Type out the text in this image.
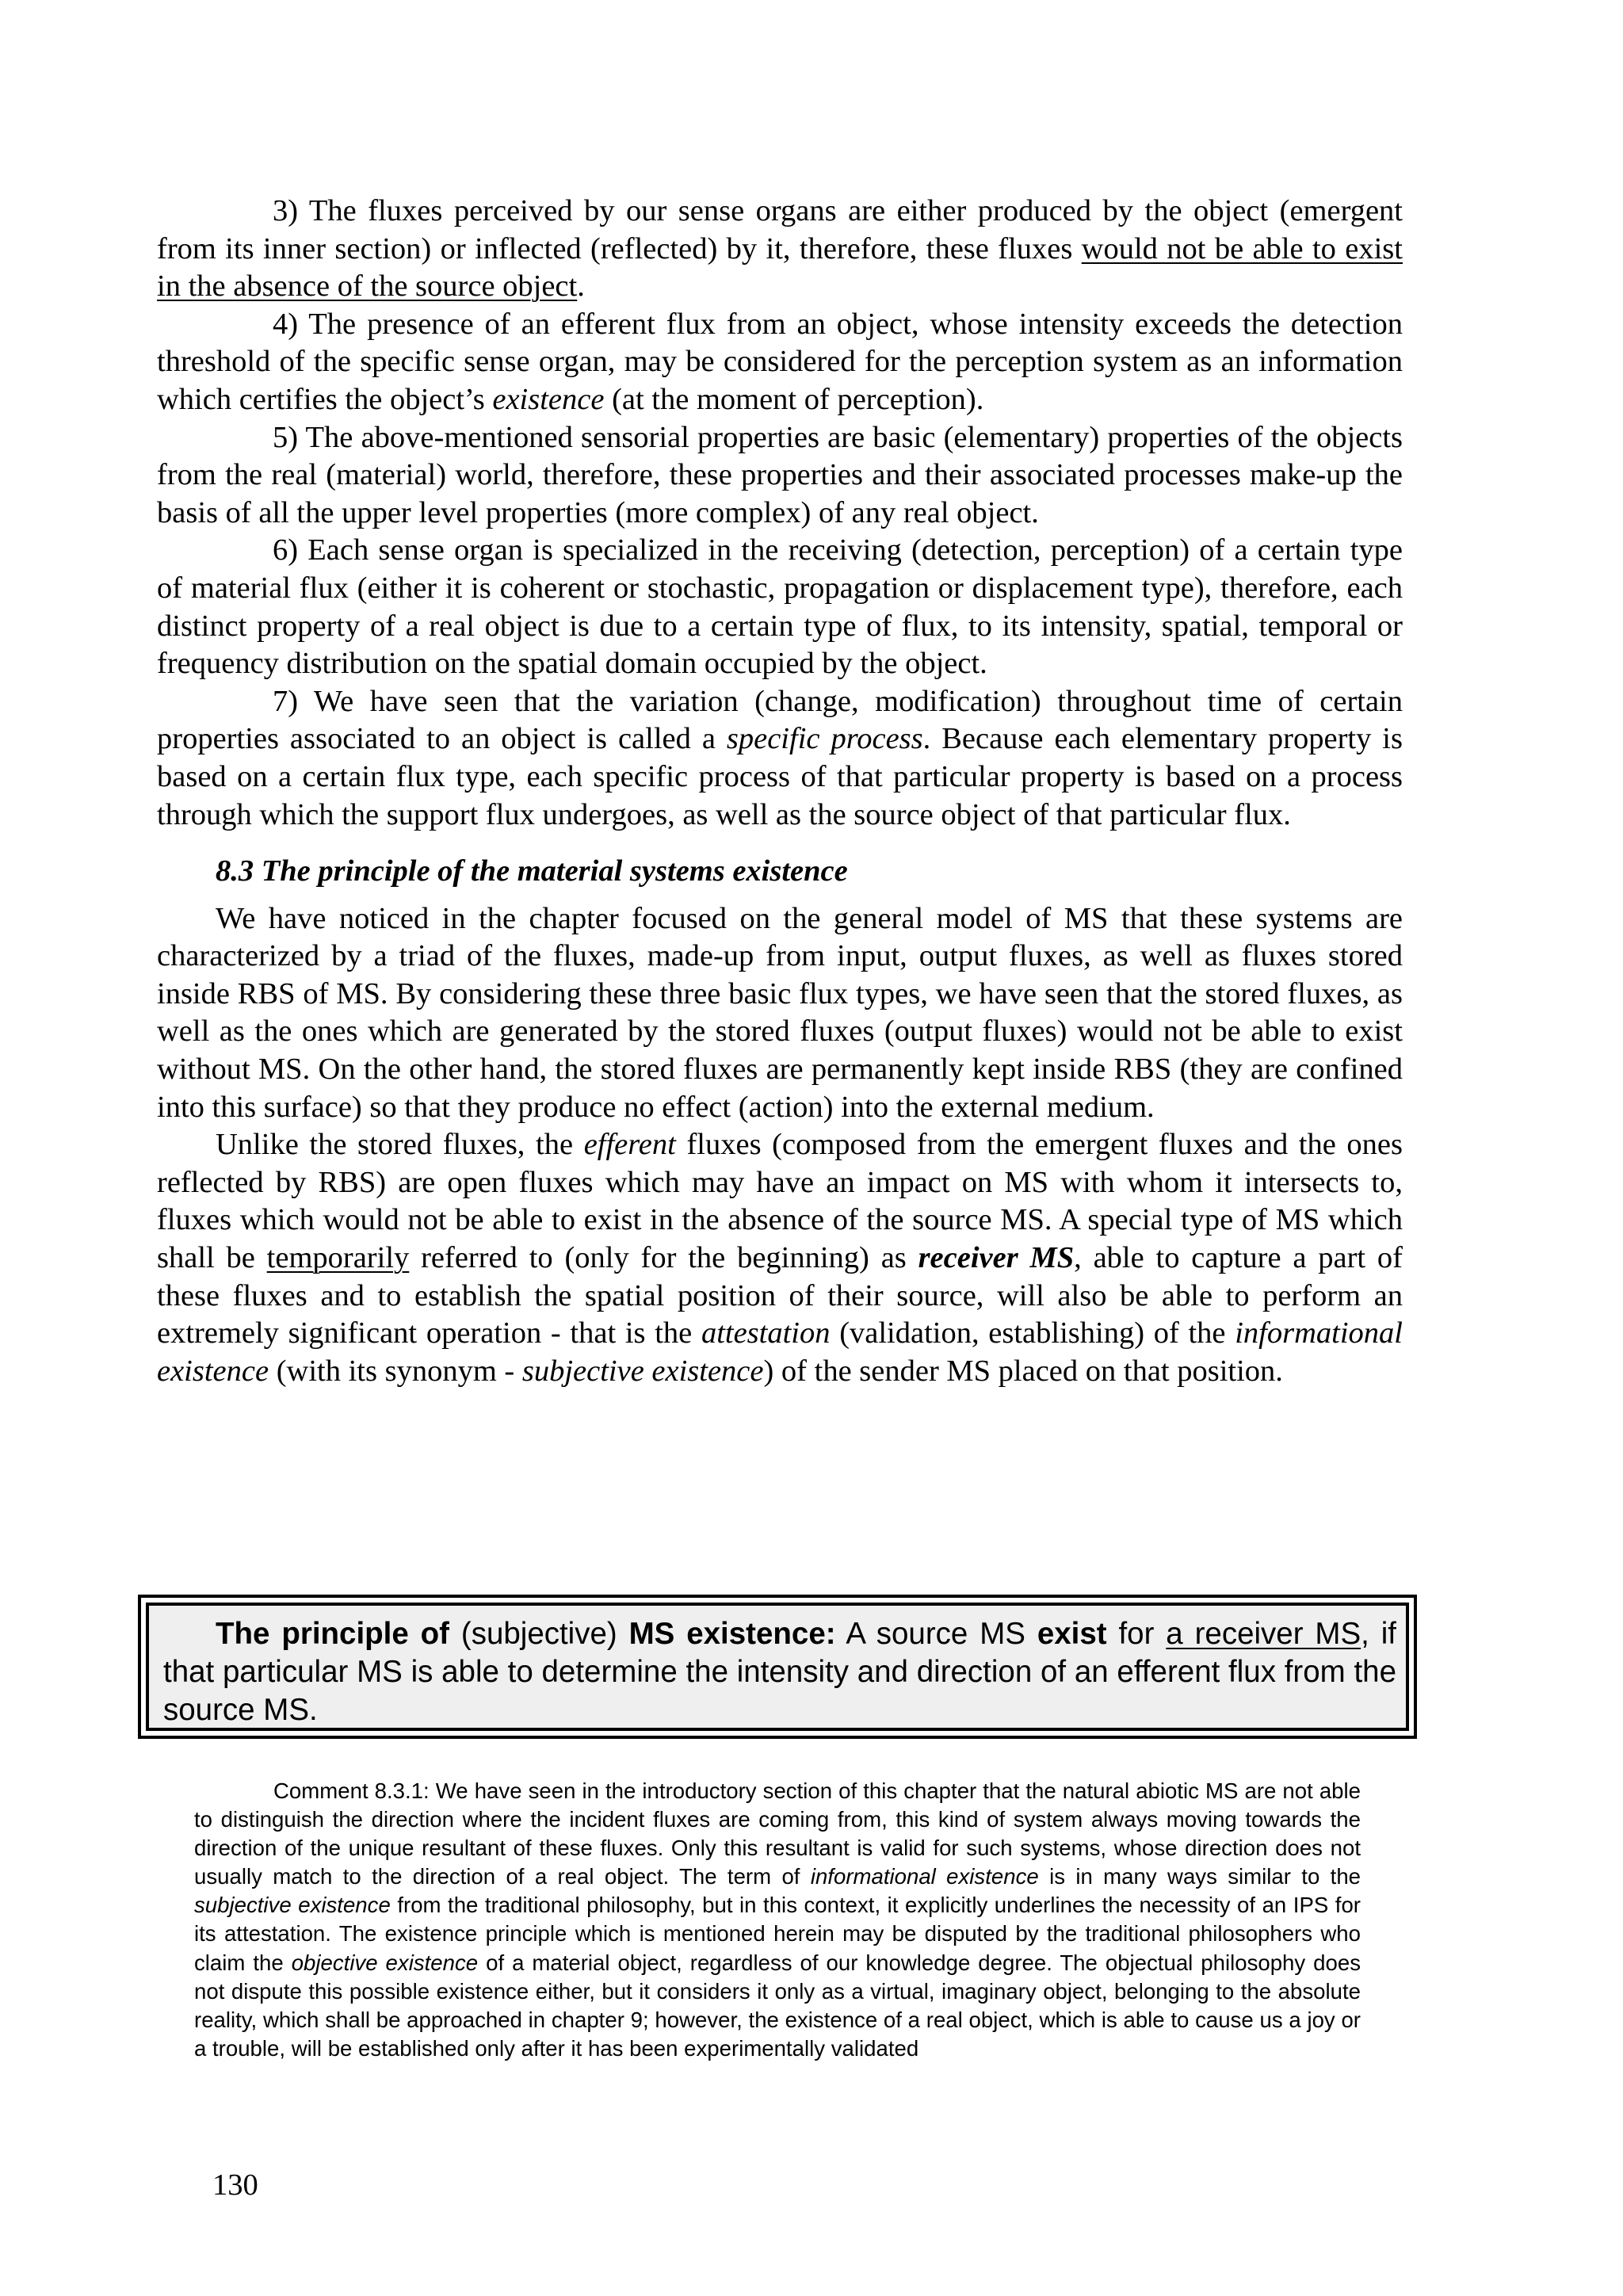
3) The fluxes perceived by our sense organs are either produced by the object (emergent from its inner section) or inflected (reflected) by it, therefore, these fluxes would not be able to exist in the absence of the source object.

4) The presence of an efferent flux from an object, whose intensity exceeds the detection threshold of the specific sense organ, may be considered for the perception system as an information which certifies the object’s existence (at the moment of perception).

5) The above-mentioned sensorial properties are basic (elementary) properties of the objects from the real (material) world, therefore, these properties and their associated processes make-up the basis of all the upper level properties (more complex) of any real object.

6) Each sense organ is specialized in the receiving (detection, perception) of a certain type of material flux (either it is coherent or stochastic, propagation or displacement type), therefore, each distinct property of a real object is due to a certain type of flux, to its intensity, spatial, temporal or frequency distribution on the spatial domain occupied by the object.

7) We have seen that the variation (change, modification) throughout time of certain properties associated to an object is called a specific process. Because each elementary property is based on a certain flux type, each specific process of that particular property is based on a process through which the support flux undergoes, as well as the source object of that particular flux.

8.3 The principle of the material systems existence

We have noticed in the chapter focused on the general model of MS that these systems are characterized by a triad of the fluxes, made-up from input, output fluxes, as well as fluxes stored inside RBS of MS. By considering these three basic flux types, we have seen that the stored fluxes, as well as the ones which are generated by the stored fluxes (output fluxes) would not be able to exist without MS. On the other hand, the stored fluxes are permanently kept inside RBS (they are confined into this surface) so that they produce no effect (action) into the external medium.

Unlike the stored fluxes, the efferent fluxes (composed from the emergent fluxes and the ones reflected by RBS) are open fluxes which may have an impact on MS with whom it intersects to, fluxes which would not be able to exist in the absence of the source MS. A special type of MS which shall be temporarily referred to (only for the beginning) as receiver MS, able to capture a part of these fluxes and to establish the spatial position of their source, will also be able to perform an extremely significant operation - that is the attestation (validation, establishing) of the informational existence (with its synonym - subjective existence) of the sender MS placed on that position.

The principle of (subjective) MS existence: A source MS exist for a receiver MS, if that particular MS is able to determine the intensity and direction of an efferent flux from the source MS.
Comment 8.3.1: We have seen in the introductory section of this chapter that the natural abiotic MS are not able to distinguish the direction where the incident fluxes are coming from, this kind of system always moving towards the direction of the unique resultant of these fluxes. Only this resultant is valid for such systems, whose direction does not usually match to the direction of a real object. The term of informational existence is in many ways similar to the subjective existence from the traditional philosophy, but in this context, it explicitly underlines the necessity of an IPS for its attestation. The existence principle which is mentioned herein may be disputed by the traditional philosophers who claim the objective existence of a material object, regardless of our knowledge degree. The objectual philosophy does not dispute this possible existence either, but it considers it only as a virtual, imaginary object, belonging to the absolute reality, which shall be approached in chapter 9; however, the existence of a real object, which is able to cause us a joy or a trouble, will be established only after it has been experimentally validated
130
